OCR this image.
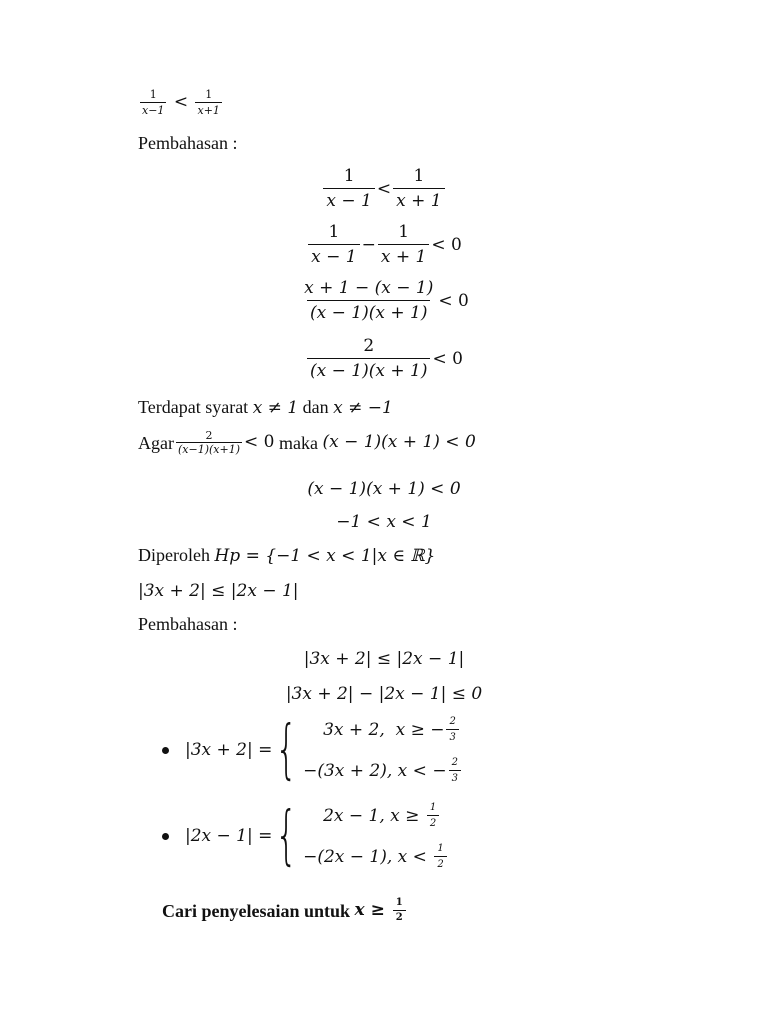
$\frac{1}{x-1} < \frac{1}{x+1}$
Pembahasan :
$\frac{1}{x - 1} < \frac{1}{x + 1}$
$\frac{1}{x - 1} - \frac{1}{x + 1} < 0$
$\frac{x + 1 - (x - 1)}{(x - 1)(x + 1)} < 0$
$\frac{2}{(x - 1)(x + 1)} < 0$
Terdapat syarat x ≠ 1 dan x ≠ −1
Agar $\frac{2}{(x-1)(x+1)} < 0$ maka (x − 1)(x + 1) < 0
(x − 1)(x + 1) < 0
−1 < x < 1
Diperoleh Hp = {−1 < x < 1|x ∈ ℝ}
|3x + 2| ≤ |2x − 1|
Pembahasan :
|3x + 2| ≤ |2x − 1|
|3x + 2| − |2x − 1| ≤ 0
|3x + 2| = { 3x + 2,  x ≥ − $\frac{2}{3}$
−(3x + 2), x < − $\frac{2}{3}$
|2x − 1| = { 2x − 1, $x \ge \frac{1}{2}$
−(2x − 1), $x < \frac{1}{2}$
Cari penyelesaian untuk $x \ge \frac{1}{2}$
